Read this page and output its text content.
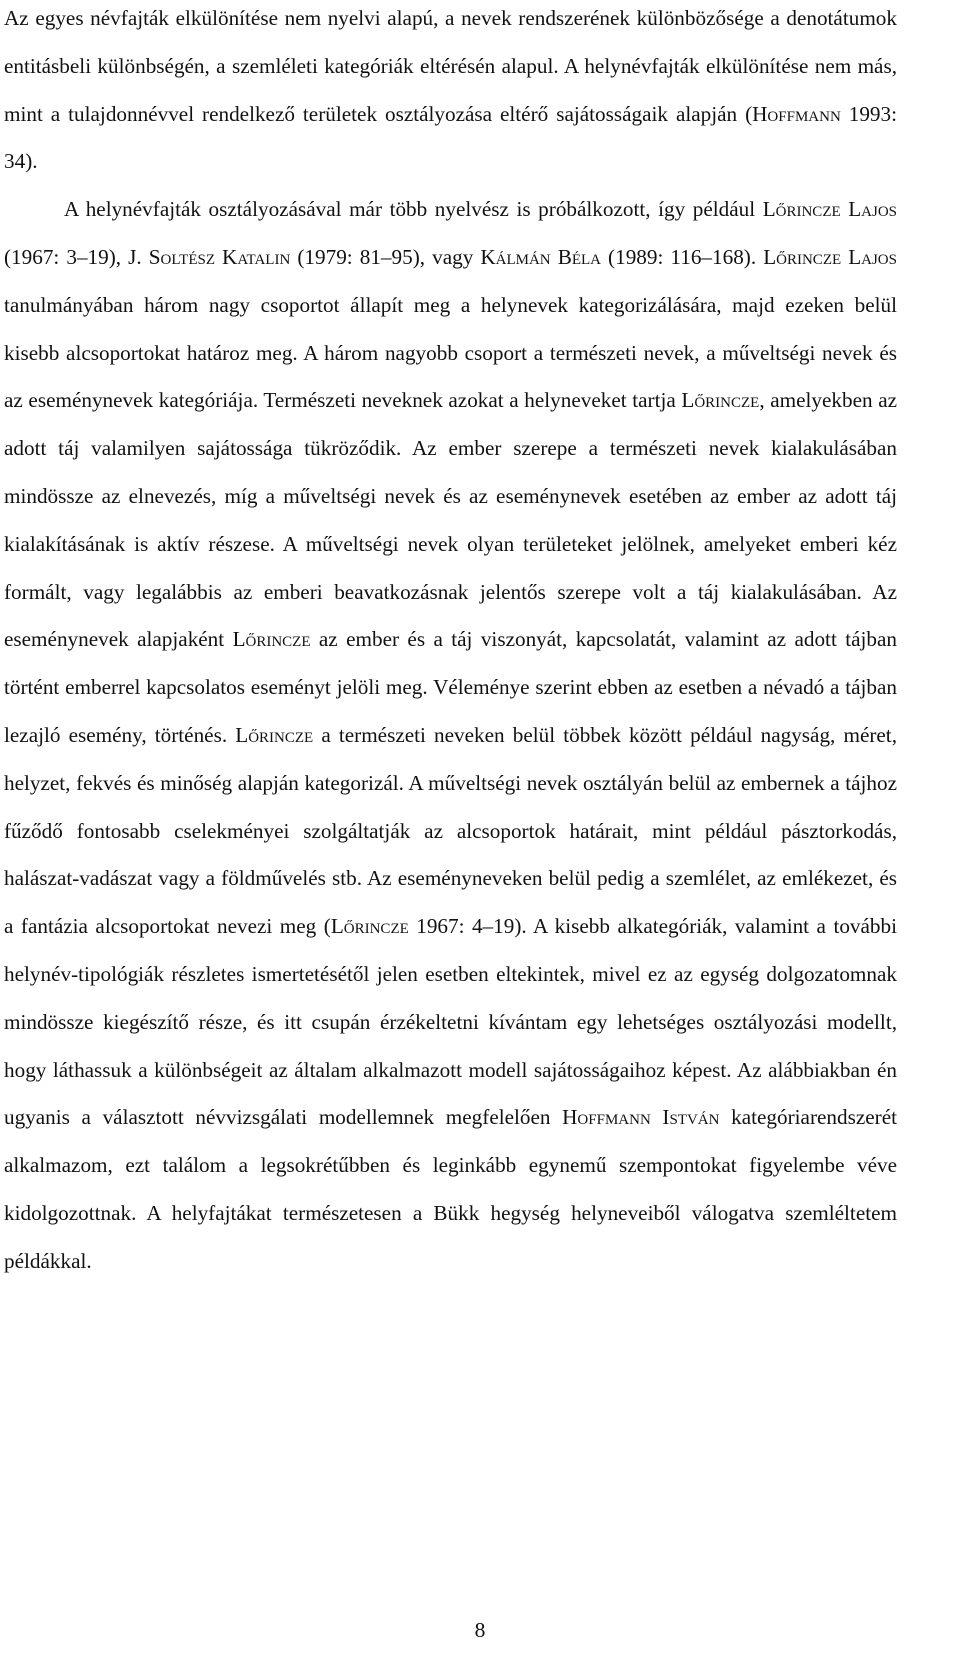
Az egyes névfajták elkülönítése nem nyelvi alapú, a nevek rendszerének különbözősége a denotátumok entitásbeli különbségén, a szemléleti kategóriák eltérésén alapul. A helynévfajták elkülönítése nem más, mint a tulajdonnévvel rendelkező területek osztályozása eltérő sajátosságaik alapján (Hoffmann 1993: 34).

A helynévfajták osztályozásával már több nyelvész is próbálkozott, így például Lőrincze Lajos (1967: 3–19), J. Soltész Katalin (1979: 81–95), vagy Kálmán Béla (1989: 116–168). Lőrincze Lajos tanulmányában három nagy csoportot állapít meg a helynevek kategorizálására, majd ezeken belül kisebb alcsoportokat határoz meg. A három nagyobb csoport a természeti nevek, a műveltségi nevek és az eseménynevek kategóriája. Természeti neveknek azokat a helyneveket tartja Lőrincze, amelyekben az adott táj valamilyen sajátossága tükröződik. Az ember szerepe a természeti nevek kialakulásában mindössze az elnevezés, míg a műveltségi nevek és az eseménynevek esetében az ember az adott táj kialakításának is aktív részese. A műveltségi nevek olyan területeket jelölnek, amelyeket emberi kéz formált, vagy legalábbis az emberi beavatkozásnak jelentős szerepe volt a táj kialakulásában. Az eseménynevek alapjaként Lőrincze az ember és a táj viszonyát, kapcsolatát, valamint az adott tájban történt emberrel kapcsolatos eseményt jelöli meg. Véleménye szerint ebben az esetben a névadó a tájban lezajló esemény, történés. Lőrincze a természeti neveken belül többek között például nagyság, méret, helyzet, fekvés és minőség alapján kategorizál. A műveltségi nevek osztályán belül az embernek a tájhoz fűződő fontosabb cselekményei szolgáltatják az alcsoportok határait, mint például pásztorkodás, halászat-vadászat vagy a földművelés stb. Az eseményneveken belül pedig a szemlélet, az emlékezet, és a fantázia alcsoportokat nevezi meg (Lőrincze 1967: 4–19). A kisebb alkategóriák, valamint a további helynév-tipológiák részletes ismertetésétől jelen esetben eltekintek, mivel ez az egység dolgozatomnak mindössze kiegészítő része, és itt csupán érzékeltetni kívántam egy lehetséges osztályozási modellt, hogy láthassuk a különbségeit az általam alkalmazott modell sajátosságaihoz képest. Az alábbiakban én ugyanis a választott névvizsgálati modellemnek megfelelően Hoffmann István kategóriarendszerét alkalmazom, ezt találom a legsokrétűbben és leginkább egynemű szempontokat figyelembe véve kidolgozottnak. A helyfajtákat természetesen a Bükk hegység helyneveiből válogatva szemléltetem példákkal.

8
